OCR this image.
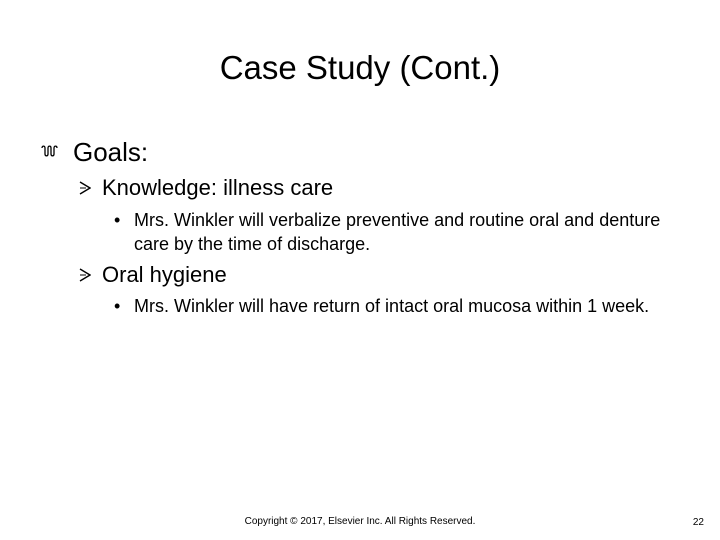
Case Study (Cont.)
Goals:
Knowledge: illness care
• Mrs. Winkler will verbalize preventive and routine oral and denture care by the time of discharge.
Oral hygiene
• Mrs. Winkler will have return of intact oral mucosa within 1 week.
Copyright © 2017, Elsevier Inc. All Rights Reserved.	22
